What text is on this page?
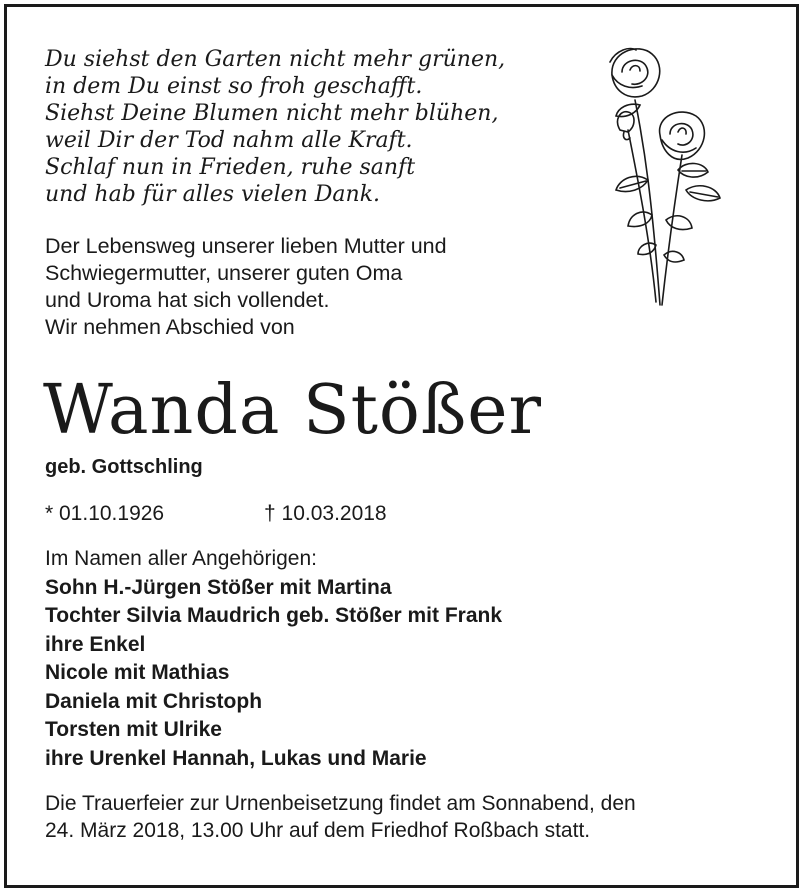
Du siehst den Garten nicht mehr grünen,
in dem Du einst so froh geschafft.
Siehst Deine Blumen nicht mehr blühen,
weil Dir der Tod nahm alle Kraft.
Schlaf nun in Frieden, ruhe sanft
und hab für alles vielen Dank.
Der Lebensweg unserer lieben Mutter und
Schwiegermutter, unserer guten Oma
und Uroma hat sich vollendet.
Wir nehmen Abschied von
Wanda Stößer
geb. Gottschling
* 01.10.1926	† 10.03.2018
Im Namen aller Angehörigen:
Sohn H.-Jürgen Stößer mit Martina
Tochter Silvia Maudrich geb. Stößer mit Frank
ihre Enkel
Nicole mit Mathias
Daniela mit Christoph
Torsten mit Ulrike
ihre Urenkel Hannah, Lukas und Marie
Die Trauerfeier zur Urnenbeisetzung findet am Sonnabend, den
24. März 2018, 13.00 Uhr auf dem Friedhof Roßbach statt.
